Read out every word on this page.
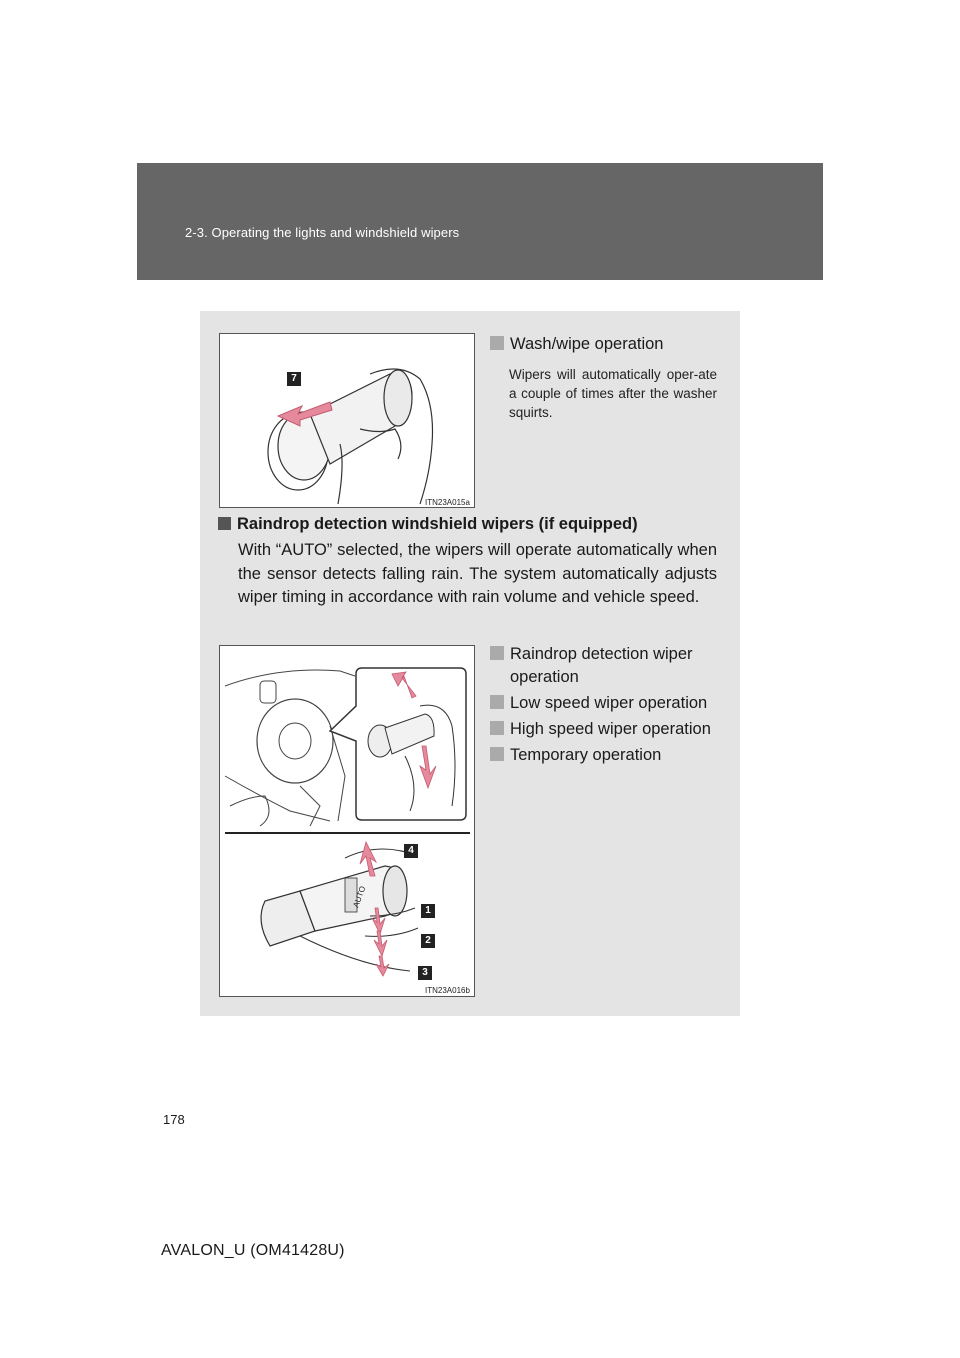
2-3. Operating the lights and windshield wipers
7
ITN23A015a
Wash/wipe operation
Wipers will automatically oper-ate a couple of times after the washer squirts.
Raindrop detection windshield wipers (if equipped)
With “AUTO” selected, the wipers will operate automatically when the sensor detects falling rain. The system automatically adjusts wiper timing in accordance with rain volume and vehicle speed.
AUTO
4
1
2
3
ITN23A016b
Raindrop detection wiper operation
Low speed wiper operation
High speed wiper operation
Temporary operation
178
AVALON_U (OM41428U)
